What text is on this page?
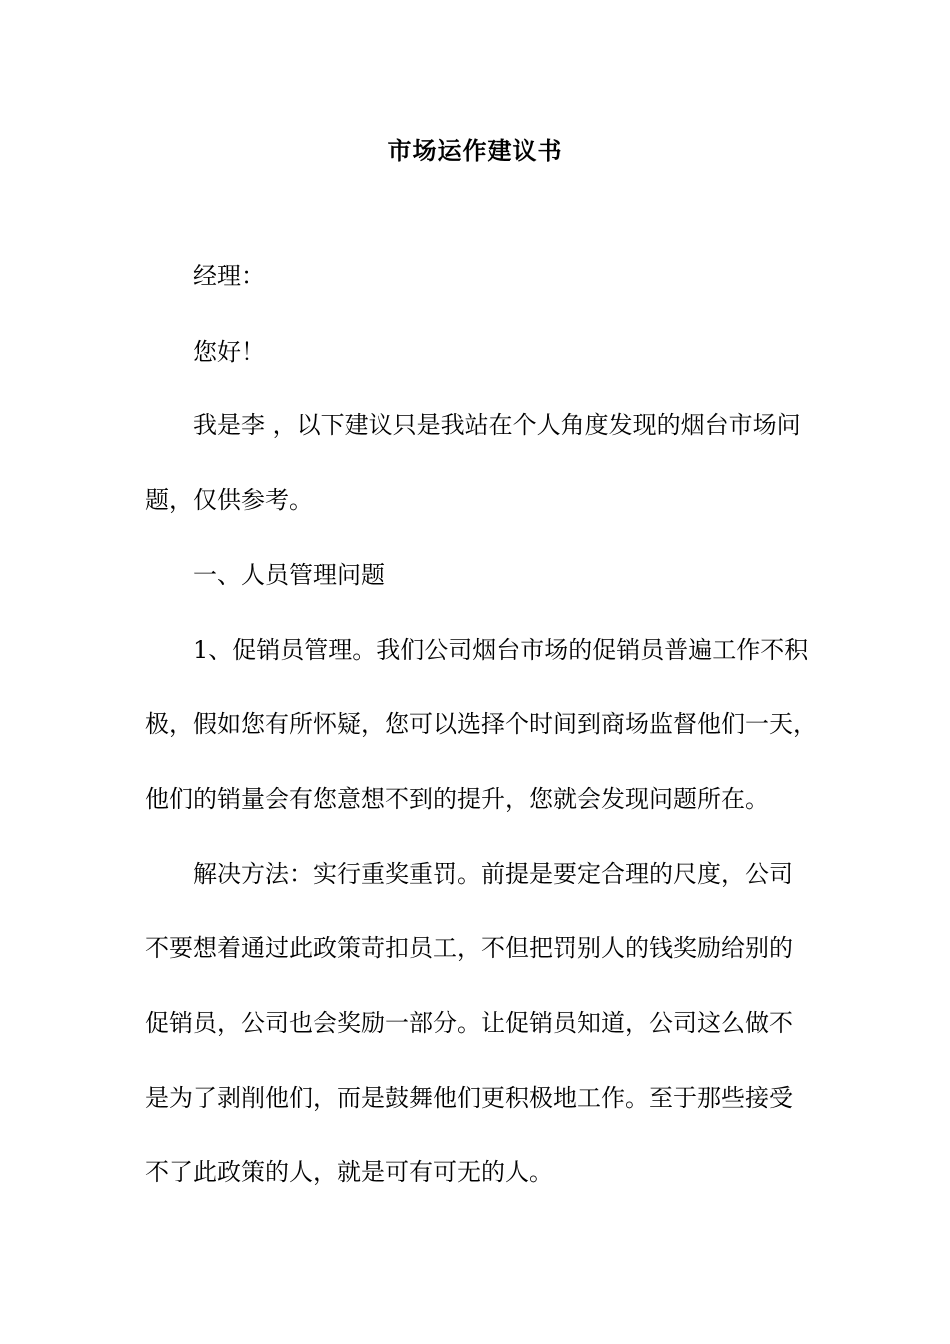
市场运作建议书
经理：
您好！
我是李 ，以下建议只是我站在个人角度发现的烟台市场问
题，仅供参考。
一、人员管理问题
1、促销员管理。我们公司烟台市场的促销员普遍工作不积
极，假如您有所怀疑，您可以选择个时间到商场监督他们一天，
他们的销量会有您意想不到的提升，您就会发现问题所在。
解决方法：实行重奖重罚。前提是要定合理的尺度，公司
不要想着通过此政策苛扣员工，不但把罚别人的钱奖励给别的
促销员，公司也会奖励一部分。让促销员知道，公司这么做不
是为了剥削他们，而是鼓舞他们更积极地工作。至于那些接受
不了此政策的人，就是可有可无的人。
